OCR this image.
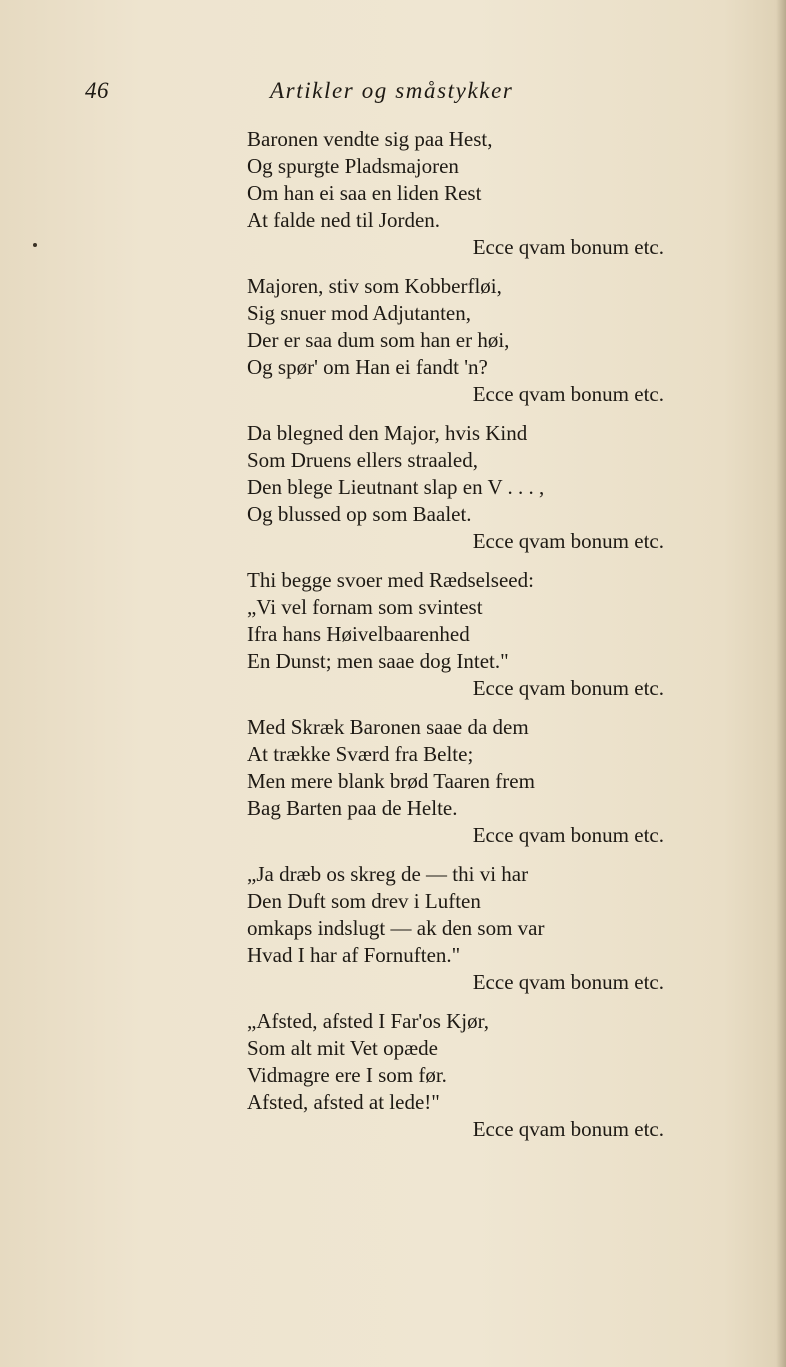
46	Artikler og småstykker
Baronen vendte sig paa Hest,
Og spurgte Pladsmajoren
Om han ei saa en liden Rest
At falde ned til Jorden.
Ecce qvam bonum etc.
Majoren, stiv som Kobberfløi,
Sig snuer mod Adjutanten,
Der er saa dum som han er høi,
Og spør' om Han ei fandt 'n?
Ecce qvam bonum etc.
Da blegned den Major, hvis Kind
Som Druens ellers straaled,
Den blege Lieutnant slap en V . . . ,
Og blussed op som Baalet.
Ecce qvam bonum etc.
Thi begge svoer med Rædselseed:
„Vi vel fornam som svintest
Ifra hans Høivelbaarenhed
En Dunst; men saae dog Intet."
Ecce qvam bonum etc.
Med Skræk Baronen saae da dem
At trække Sværd fra Belte;
Men mere blank brød Taaren frem
Bag Barten paa de Helte.
Ecce qvam bonum etc.
„Ja dræb os skreg de — thi vi har
Den Duft som drev i Luften
omkaps indslugt — ak den som var
Hvad I har af Fornuften."
Ecce qvam bonum etc.
„Afsted, afsted I Far'os Kjør,
Som alt mit Vet opæde
Vidmagre ere I som før.
Afsted, afsted at lede!"
Ecce qvam bonum etc.
